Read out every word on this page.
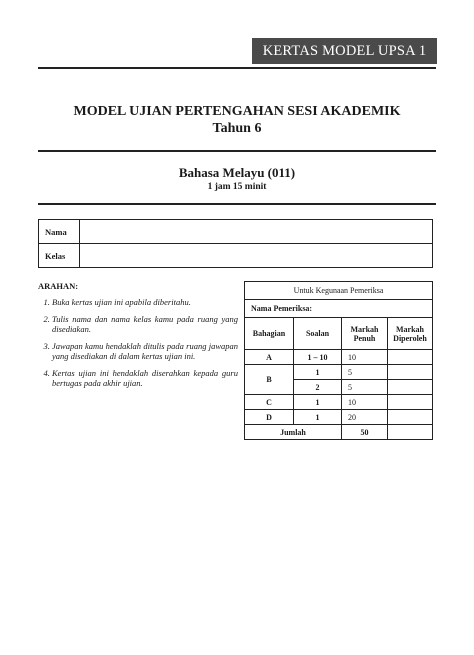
KERTAS MODEL UPSA 1
MODEL UJIAN PERTENGAHAN SESI AKADEMIK
Tahun 6
Bahasa Melayu (011)
1 jam 15 minit
Nama	
Kelas	
ARAHAN:
1. Buka kertas ujian ini apabila diberitahu.
2. Tulis nama dan nama kelas kamu pada ruang yang disediakan.
3. Jawapan kamu hendaklah ditulis pada ruang jawapan yang disediakan di dalam kertas ujian ini.
4. Kertas ujian ini hendaklah diserahkan kepada guru bertugas pada akhir ujian.
Untuk Kegunaan Pemeriksa			
Nama Pemeriksa:			
Bahagian	Soalan	Markah Penuh	Markah Diperoleh
A	1 – 10	10	
B	1	5	
	2	5	
C	1	10	
D	1	20	
Jumlah		50	
